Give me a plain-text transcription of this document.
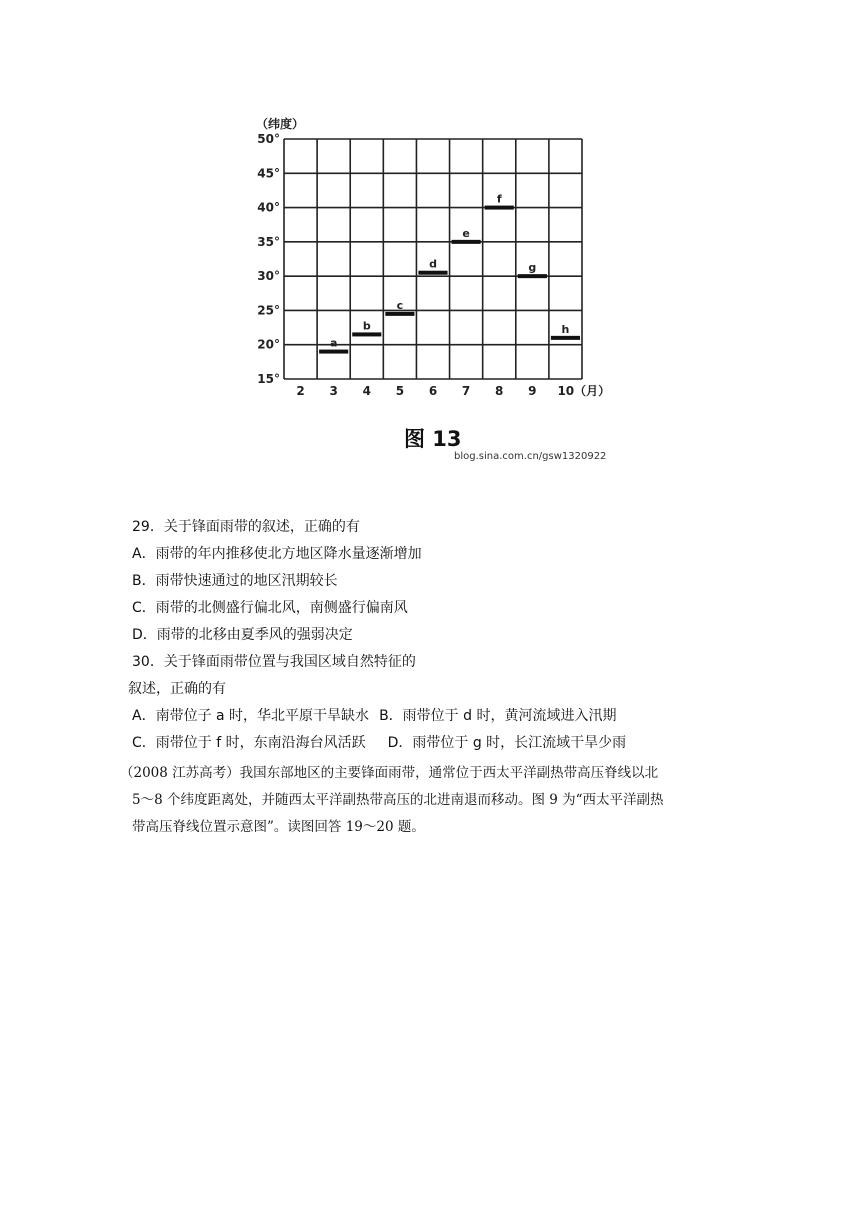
（纬度）
15°
20°
25°
30°
35°
40°
45°
50°
2 3 4 5 6 7 8 9 10（月）
a
b
c
d
e
f
g
h
图 13
blog.sina.com.cn/gsw1320922
29．关于锋面雨带的叙述，正确的有
A．雨带的年内推移使北方地区降水量逐渐增加
B．雨带快速通过的地区汛期较长
C．雨带的北侧盛行偏北风，南侧盛行偏南风
D．雨带的北移由夏季风的强弱决定
30．关于锋面雨带位置与我国区域自然特征的
叙述，正确的有
A．南带位子 a 时，华北平原干旱缺水 B．雨带位于 d 时，黄河流域进入汛期
C．雨带位于 f 时，东南沿海台风活跃 D．雨带位于 g 时，长江流域干旱少雨
（2008 江苏高考）我国东部地区的主要锋面雨带，通常位于西太平洋副热带高压脊线以北
5～8 个纬度距离处，并随西太平洋副热带高压的北进南退而移动。图 9 为“西太平洋副热
带高压脊线位置示意图”。读图回答 19～20 题。
